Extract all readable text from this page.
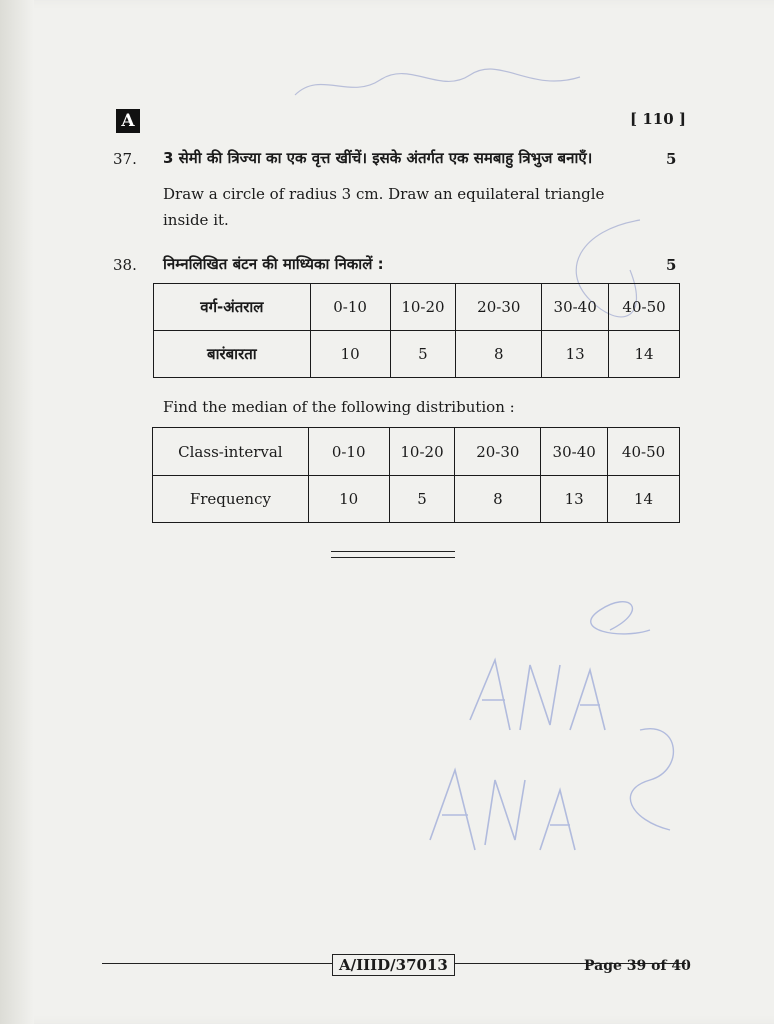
A	[ 110 ]
37. 3 सेमी की त्रिज्या का एक वृत्त खींचें। इसके अंतर्गत एक समबाहु त्रिभुज बनाएँ।	5
Draw a circle of radius 3 cm. Draw an equilateral triangle
inside it.
38. निम्नलिखित बंटन की माध्यिका निकालें :	5
वर्ग-अंतराल	0-10	10-20	20-30	30-40	40-50
बारंबारता	10	5	8	13	14
Find the median of the following distribution :
Class-interval	0-10	10-20	20-30	30-40	40-50
Frequency	10	5	8	13	14
A/IIID/37013	Page 39 of 40
